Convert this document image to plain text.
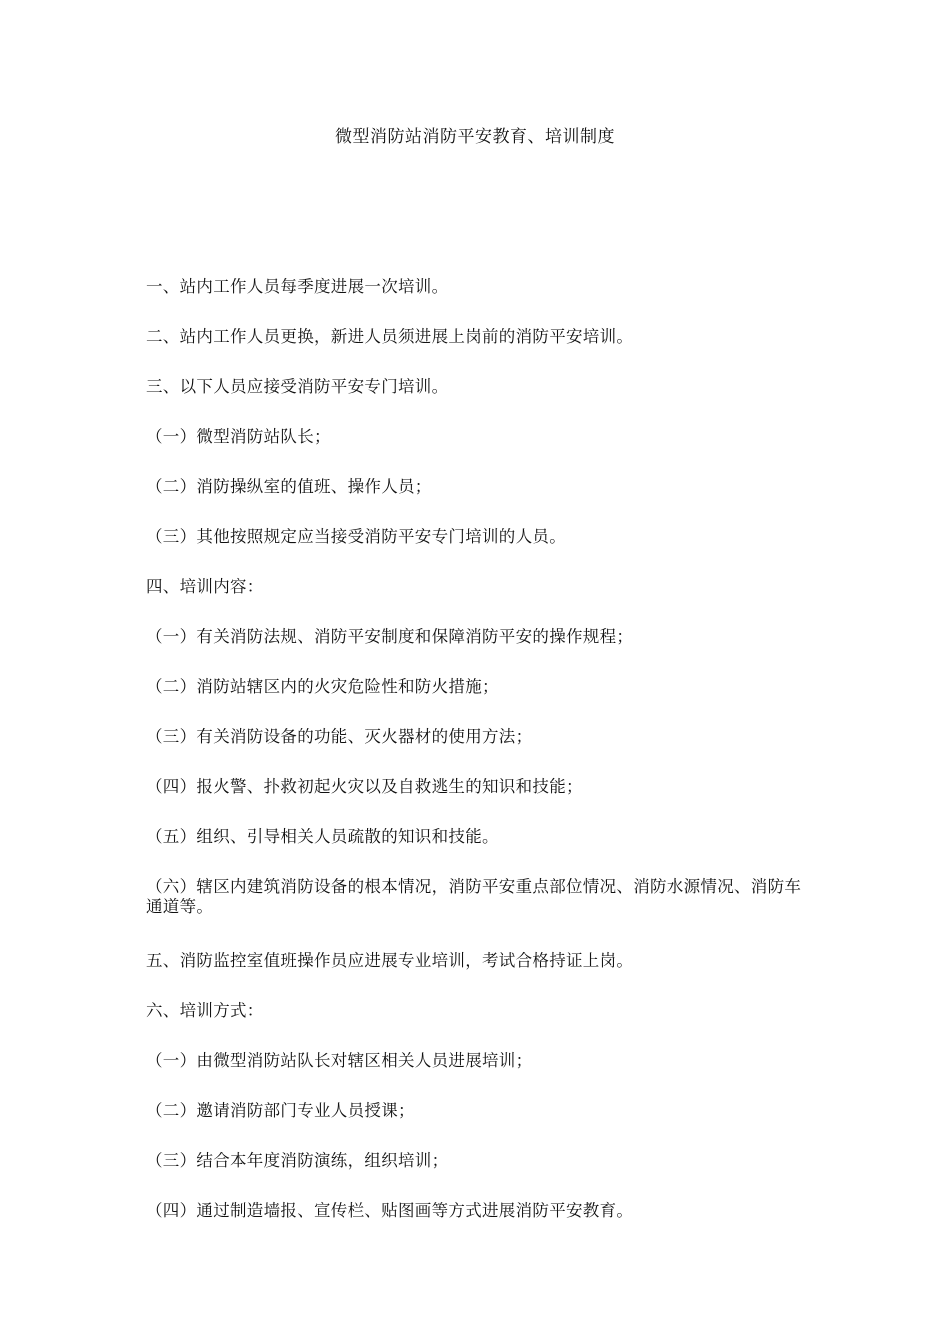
微型消防站消防平安教育、培训制度
一、站内工作人员每季度进展一次培训。
二、站内工作人员更换，新进人员须进展上岗前的消防平安培训。
三、以下人员应接受消防平安专门培训。
（一）微型消防站队长；
（二）消防操纵室的值班、操作人员；
（三）其他按照规定应当接受消防平安专门培训的人员。
四、培训内容：
（一）有关消防法规、消防平安制度和保障消防平安的操作规程；
（二）消防站辖区内的火灾危险性和防火措施；
（三）有关消防设备的功能、灭火器材的使用方法；
（四）报火警、扑救初起火灾以及自救逃生的知识和技能；
（五）组织、引导相关人员疏散的知识和技能。
（六）辖区内建筑消防设备的根本情况，消防平安重点部位情况、消防水源情况、消防车通道等。
五、消防监控室值班操作员应进展专业培训，考试合格持证上岗。
六、培训方式：
（一）由微型消防站队长对辖区相关人员进展培训；
（二）邀请消防部门专业人员授课；
（三）结合本年度消防演练，组织培训；
（四）通过制造墙报、宣传栏、贴图画等方式进展消防平安教育。
